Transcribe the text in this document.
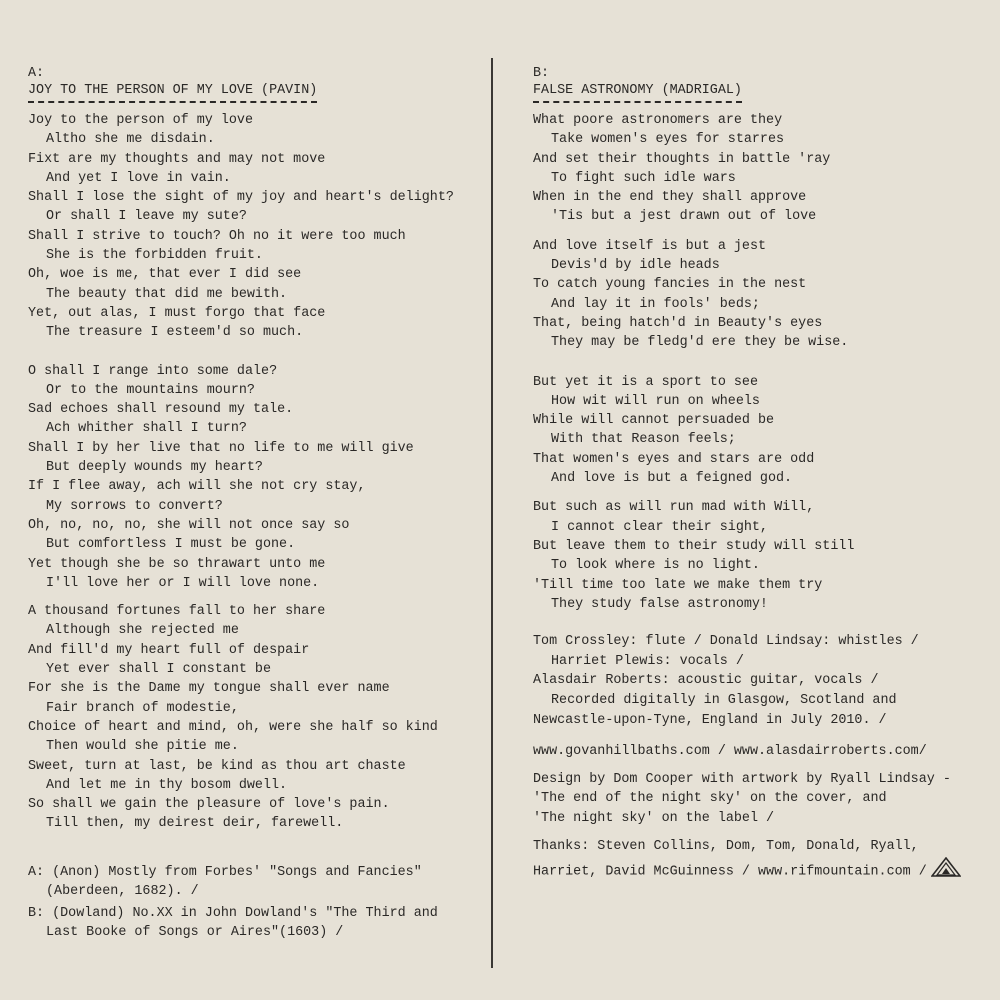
A:
JOY TO THE PERSON OF MY LOVE (PAVIN)
Joy to the person of my love
Altho she me disdain.
Fixt are my thoughts and may not move
And yet I love in vain.
Shall I lose the sight of my joy and heart's delight?
Or shall I leave my sute?
Shall I strive to touch? Oh no it were too much
She is the forbidden fruit.
Oh, woe is me, that ever I did see
The beauty that did me bewith.
Yet, out alas, I must forgo that face
The treasure I esteem'd so much.
O shall I range into some dale?
Or to the mountains mourn?
Sad echoes shall resound my tale.
Ach whither shall I turn?
Shall I by her live that no life to me will give
But deeply wounds my heart?
If I flee away, ach will she not cry stay,
My sorrows to convert?
Oh, no, no, no, she will not once say so
But comfortless I must be gone.
Yet though she be so thrawart unto me
I'll love her or I will love none.
A thousand fortunes fall to her share
Although she rejected me
And fill'd my heart full of despair
Yet ever shall I constant be
For she is the Dame my tongue shall ever name
Fair branch of modestie,
Choice of heart and mind, oh, were she half so kind
Then would she pitie me.
Sweet, turn at last, be kind as thou art chaste
And let me in thy bosom dwell.
So shall we gain the pleasure of love's pain.
Till then, my deirest deir, farewell.
A: (Anon) Mostly from Forbes' "Songs and Fancies"
(Aberdeen, 1682). /
B: (Dowland) No.XX in John Dowland's "The Third and
Last Booke of Songs or Aires"(1603) /
B:
FALSE ASTRONOMY (MADRIGAL)
What poore astronomers are they
Take women's eyes for starres
And set their thoughts in battle 'ray
To fight such idle wars
When in the end they shall approve
'Tis but a jest drawn out of love
And love itself is but a jest
Devis'd by idle heads
To catch young fancies in the nest
And lay it in fools' beds;
That, being hatch'd in Beauty's eyes
They may be fledg'd ere they be wise.
But yet it is a sport to see
How wit will run on wheels
While will cannot persuaded be
With that Reason feels;
That women's eyes and stars are odd
And love is but a feigned god.
But such as will run mad with Will,
I cannot clear their sight,
But leave them to their study will still
To look where is no light.
'Till time too late we make them try
They study false astronomy!
Tom Crossley: flute / Donald Lindsay: whistles /
Harriet Plewis: vocals /
Alasdair Roberts: acoustic guitar, vocals /
Recorded digitally in Glasgow, Scotland and
Newcastle-upon-Tyne, England in July 2010. /
www.govanhillbaths.com / www.alasdairroberts.com/
Design by Dom Cooper with artwork by Ryall Lindsay -
'The end of the night sky' on the cover, and
'The night sky' on the label /
Thanks: Steven Collins, Dom, Tom, Donald, Ryall,
Harriet, David McGuinness / www.rifmountain.com /
